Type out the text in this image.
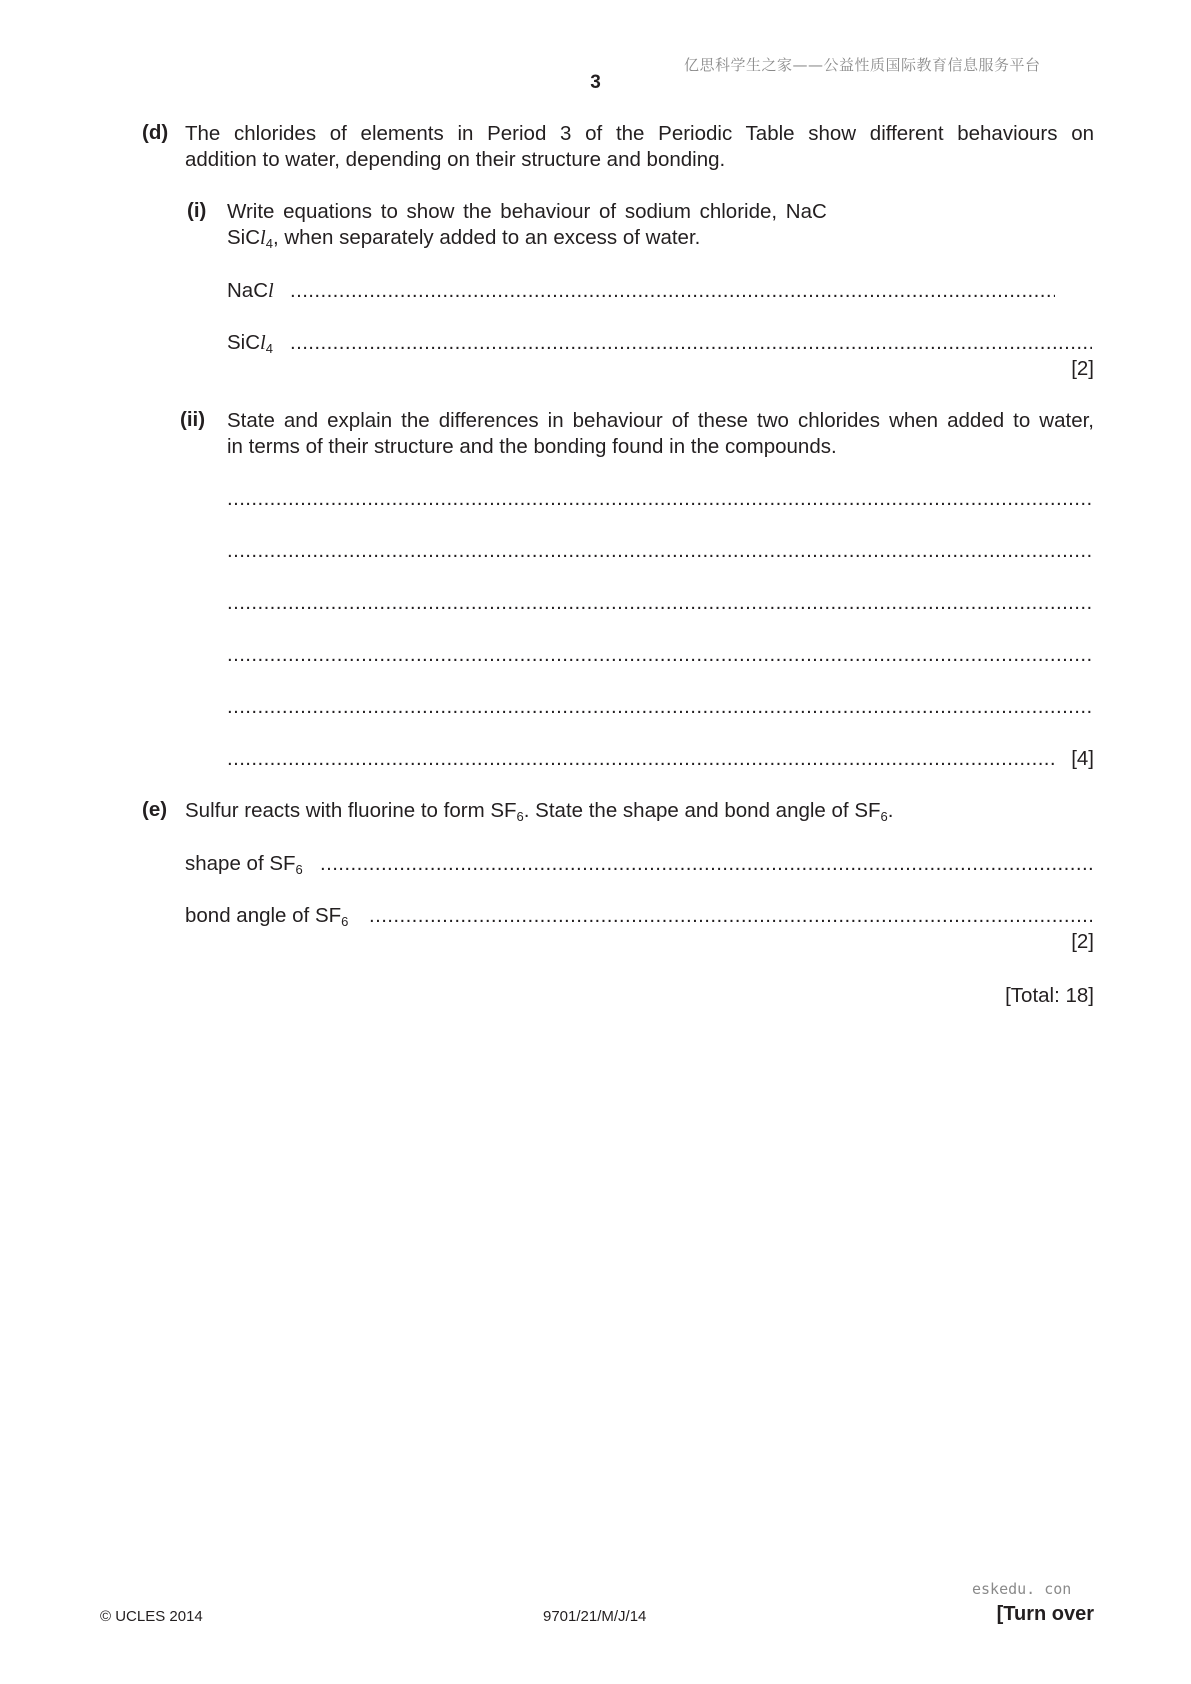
亿思科学生之家——公益性质国际教育信息服务平台
3
(d) The chlorides of elements in Period 3 of the Periodic Table show different behaviours on
addition to water, depending on their structure and bonding.
(i) Write equations to show the behaviour of sodium chloride, NaC
SiCl$_4$, when separately added to an excess of water.
NaCl
.....
SiCl$_4$
.....
[2]
(ii) State and explain the differences in behaviour of these two chlorides when added to water,
in terms of their structure and the bonding found in the compounds.
.....
.....
.....
.....
.....
.....
[4]
(e) Sulfur reacts with fluorine to form $SF_6$. State the shape and bond angle of $SF_6$.
shape of $SF_6$
.....
bond angle of $SF_6$
.....
[2]
[Total: 18]
eskedu. con
© UCLES 2014	9701/21/M/J/14	[Turn over
